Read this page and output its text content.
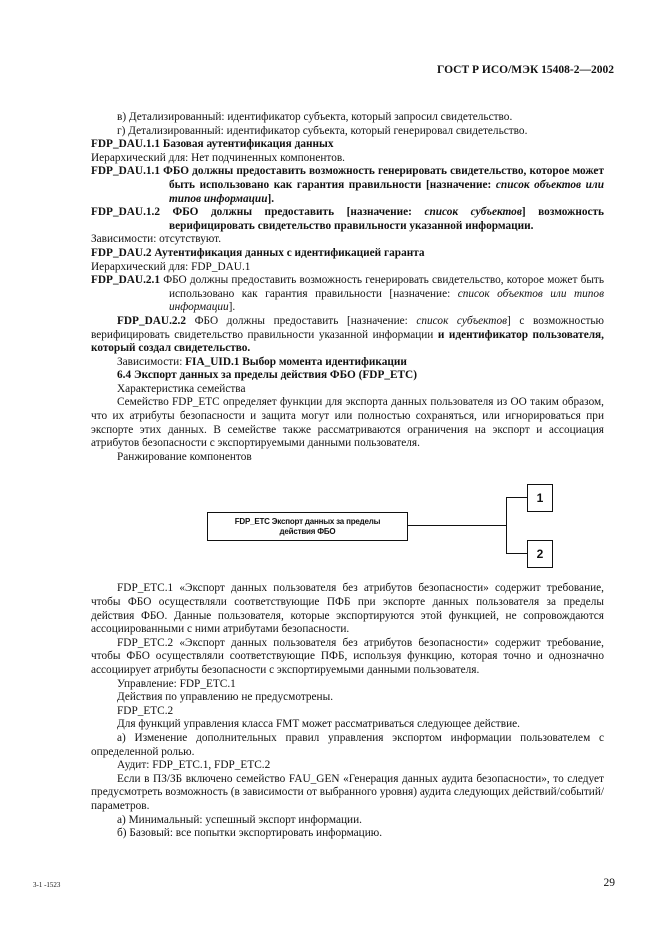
ГОСТ Р ИСО/МЭК 15408-2—2002

в) Детализированный: идентификатор субъекта, который запросил свидетельство.

г) Детализированный: идентификатор субъекта, который генерировал свидетельство.

FDP_DAU.1.1 Базовая аутентификация данных

Иерархический для: Нет подчиненных компонентов.

FDP_DAU.1.1 ФБО должны предоставить возможность генерировать свидетельство, которое может быть использовано как гарантия правильности [назначение: список объектов или типов информации].

FDP_DAU.1.2 ФБО должны предоставить [назначение: список субъектов] возможность верифицировать свидетельство правильности указанной информации.

Зависимости: отсутствуют.

FDP_DAU.2 Аутентификация данных с идентификацией гаранта

Иерархический для: FDP_DAU.1

FDP_DAU.2.1 ФБО должны предоставить возможность генерировать свидетельство, которое может быть использовано как гарантия правильности [назначение: список объектов или типов информации].

FDP_DAU.2.2 ФБО должны предоставить [назначение: список субъектов] с возможностью верифицировать свидетельство правильности указанной информации и идентификатор пользователя, который создал свидетельство.

Зависимости: FIA_UID.1 Выбор момента идентификации

6.4 Экспорт данных за пределы действия ФБО (FDP_ETC)

Характеристика семейства

Семейство FDP_ETC определяет функции для экспорта данных пользователя из ОО таким образом, что их атрибуты безопасности и защита могут или полностью сохраняться, или игнорироваться при экспорте этих данных. В семействе также рассматриваются ограничения на экспорт и ассоциация атрибутов безопасности с экспортируемыми данными пользователя.

Ранжирование компонентов

FDP_ETC Экспорт данных за пределы
действия ФБО
1
2

FDP_ETC.1 «Экспорт данных пользователя без атрибутов безопасности» содержит требование, чтобы ФБО осуществляли соответствующие ПФБ при экспорте данных пользователя за пределы действия ФБО. Данные пользователя, которые экспортируются этой функцией, не сопровождаются ассоциированными с ними атрибутами безопасности.

FDP_ETC.2 «Экспорт данных пользователя без атрибутов безопасности» содержит требование, чтобы ФБО осуществляли соответствующие ПФБ, используя функцию, которая точно и однозначно ассоциирует атрибуты безопасности с экспортируемыми данными пользователя.

Управление: FDP_ETC.1

Действия по управлению не предусмотрены.

FDP_ETC.2

Для функций управления класса FMT может рассматриваться следующее действие.

а) Изменение дополнительных правил управления экспортом информации пользователем с определенной ролью.

Аудит: FDP_ETC.1, FDP_ETC.2

Если в ПЗ/ЗБ включено семейство FAU_GEN «Генерация данных аудита безопасности», то следует предусмотреть возможность (в зависимости от выбранного уровня) аудита следующих действий/событий/параметров.

а) Минимальный: успешный экспорт информации.

б) Базовый: все попытки экспортировать информацию.

3-1 -1523	29
